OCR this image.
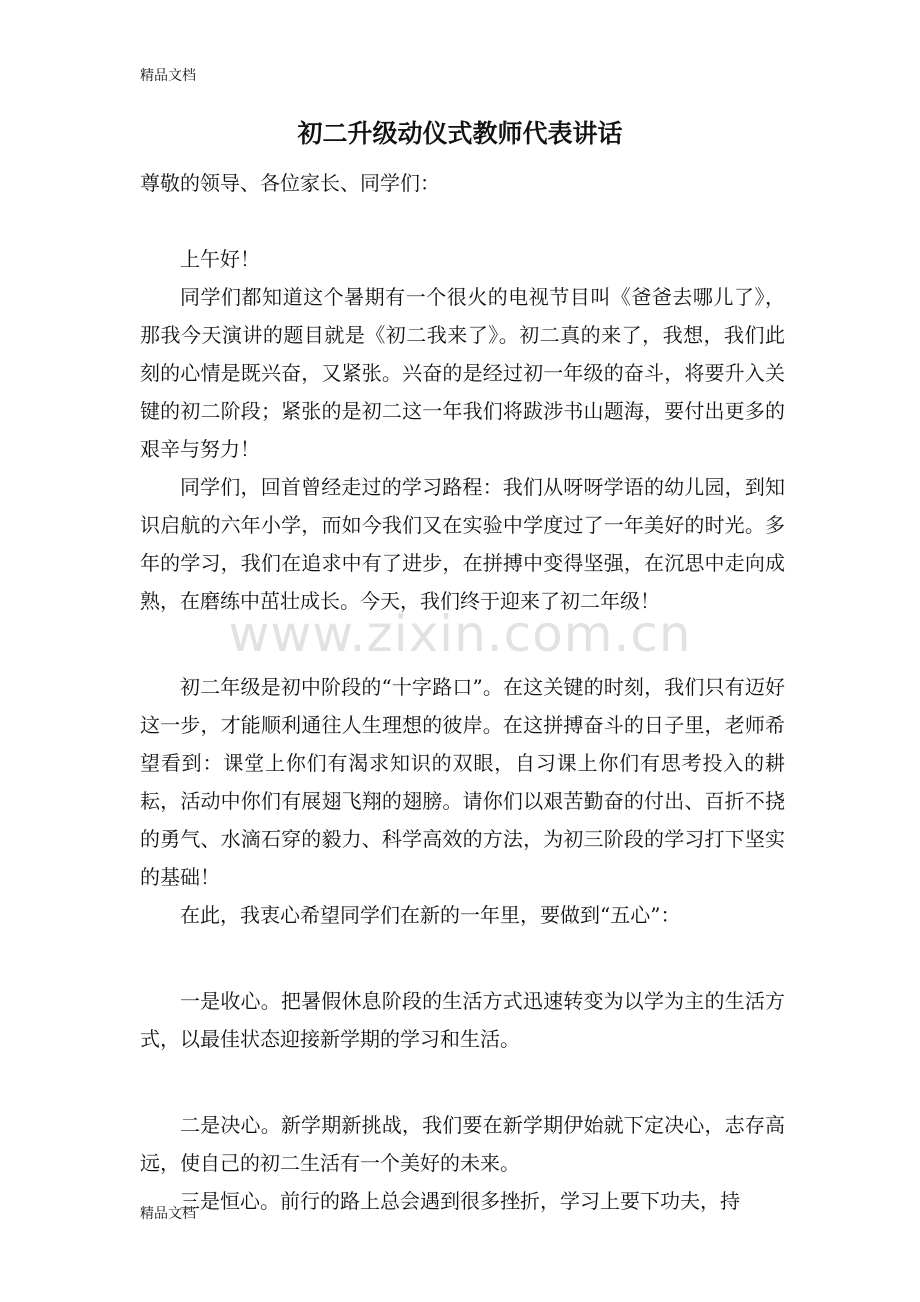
精品文档
初二升级动仪式教师代表讲话

尊敬的领导、各位家长、同学们：

上午好！

同学们都知道这个暑期有一个很火的电视节目叫《爸爸去哪儿了》，那我今天演讲的题目就是《初二我来了》。初二真的来了，我想，我们此刻的心情是既兴奋，又紧张。兴奋的是经过初一年级的奋斗，将要升入关键的初二阶段；紧张的是初二这一年我们将跋涉书山题海，要付出更多的艰辛与努力！

同学们，回首曾经走过的学习路程：我们从呀呀学语的幼儿园，到知识启航的六年小学，而如今我们又在实验中学度过了一年美好的时光。多年的学习，我们在追求中有了进步，在拼搏中变得坚强，在沉思中走向成熟，在磨练中茁壮成长。今天，我们终于迎来了初二年级！

初二年级是初中阶段的“十字路口”。在这关键的时刻，我们只有迈好这一步，才能顺利通往人生理想的彼岸。在这拼搏奋斗的日子里，老师希望看到：课堂上你们有渴求知识的双眼，自习课上你们有思考投入的耕耘，活动中你们有展翅飞翔的翅膀。请你们以艰苦勤奋的付出、百折不挠的勇气、水滴石穿的毅力、科学高效的方法，为初三阶段的学习打下坚实的基础！

在此，我衷心希望同学们在新的一年里，要做到“五心”：

一是收心。把暑假休息阶段的生活方式迅速转变为以学为主的生活方式，以最佳状态迎接新学期的学习和生活。

二是决心。新学期新挑战，我们要在新学期伊始就下定决心，志存高远，使自己的初二生活有一个美好的未来。

三是恒心。前行的路上总会遇到很多挫折，学习上要下功夫，持

www.zixin.com.cn
精品文档
